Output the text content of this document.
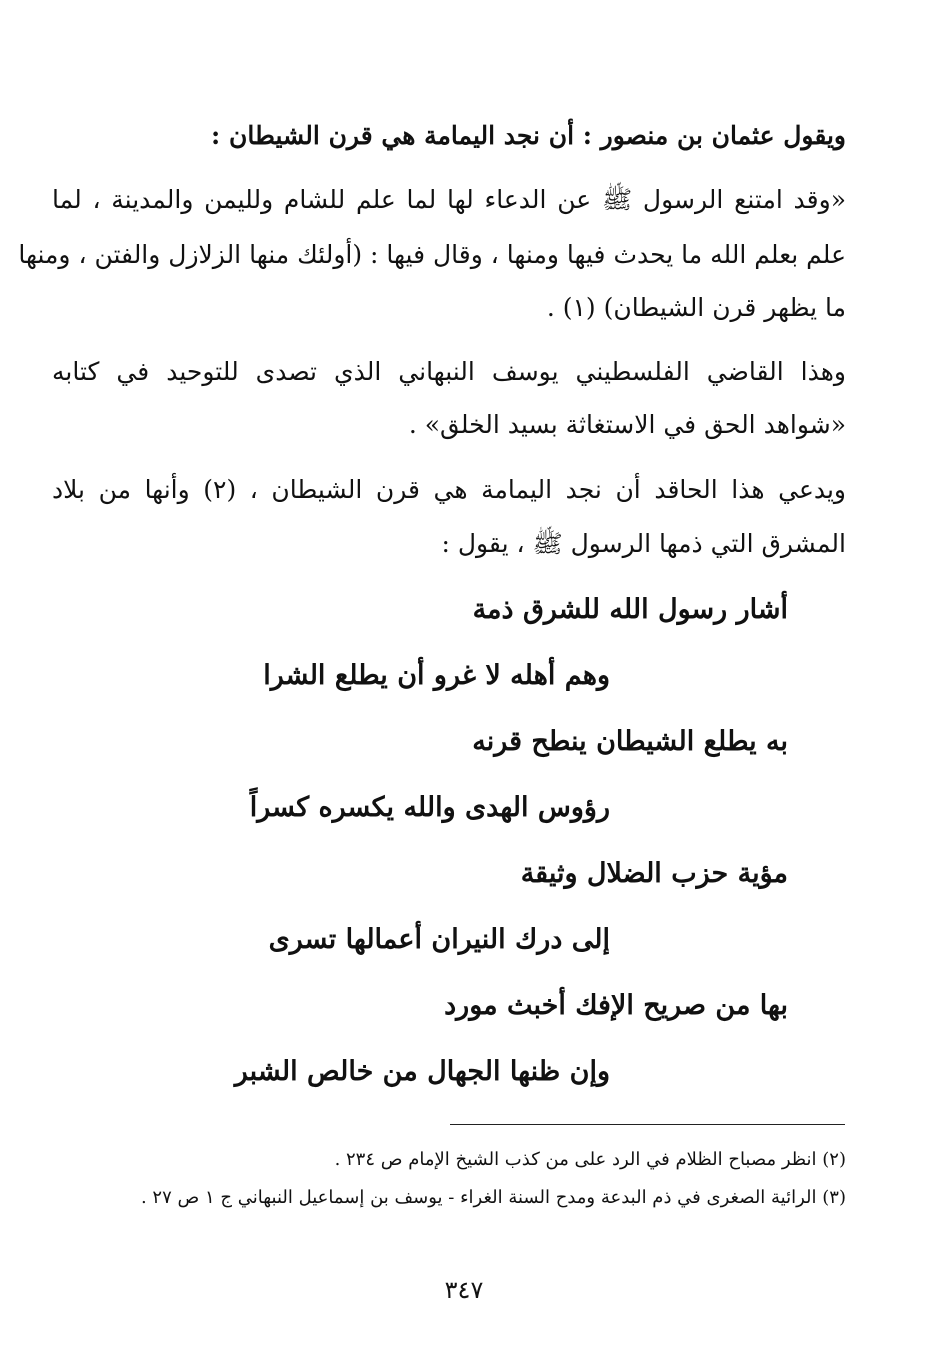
ويقول عثمان بن منصور : أن نجد اليمامة هي قرن الشيطان :
«وقد امتنع الرسول ﷺ عن الدعاء لها لما علم للشام ولليمن والمدينة ، لما
علم بعلم الله ما يحدث فيها ومنها ، وقال فيها : (أولئك منها الزلازل والفتن ، ومنها
ما يظهر قرن الشيطان) (١) .
وهذا القاضي الفلسطيني يوسف النبهاني الذي تصدى للتوحيد في كتابه
«شواهد الحق في الاستغاثة بسيد الخلق» .
ويدعي هذا الحاقد أن نجد اليمامة هي قرن الشيطان ، (٢) وأنها من بلاد
المشرق التي ذمها الرسول ﷺ ، يقول :
أشار رسول الله للشرق ذمة
وهم أهله لا غرو أن يطلع الشرا
به يطلع الشيطان ينطح قرنه
رؤوس الهدى والله يكسره كسراً
مؤية حزب الضلال وثيقة
إلى درك النيران أعمالها تسرى
بها من صريح الإفك أخبث مورد
وإن ظنها الجهال من خالص الشبر
(٢) انظر مصباح الظلام في الرد على من كذب الشيخ الإمام ص ٢٣٤ .
(٣) الرائية الصغرى في ذم البدعة ومدح السنة الغراء - يوسف بن إسماعيل النبهاني ج ١ ص ٢٧ .
٣٤٧
